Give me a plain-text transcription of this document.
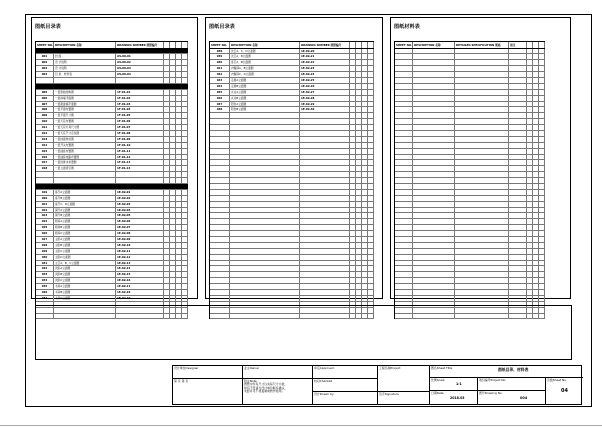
图纸目录表
SHEET NO. DESCRIPTION 名称	DRAWING NUMBER 图纸编号
001	封 面	AS-00-01
002	设 计说明	AS-00-02
003	设 计说明	AS-00-03
004	目 录、材料表	AS-00-04
005	一层原始结构图	1F-01-01
006	一层拆墙平面图	1F-01-02
007	一层新建墙平面图	1F-01-03
008	一层平面布置图	1F-01-04
009	一层平面尺寸图	1F-01-05
010	一层天花布置图	1F-01-06
011	一层天花灯具尺寸图	1F-01-07
012	一层天花尺寸定位图	1F-01-08
013	一层地面材质图	1F-01-09
014	一层开关布置图	1F-01-10
015	一层插座布置图	1F-01-11
016	一层插座电路布置图	1F-01-12
017	一层给排水布置图	1F-01-13
018	一层立面索引图	1F-01-14
019	客厅A立面图	1E-02-01
020	客厅B立面图	1E-02-02
021	客厅C、D立面图	1E-02-03
022	餐厅A立面图	1E-02-04
023	餐厅B立面图	1E-02-05
024	厨房A立面图	1E-02-06
025	厨房B立面图	1E-02-07
026	厨房C立面图	1E-02-08
027	主卧A立面图	1E-02-09
028	主卧B立面图	1E-02-10
029	主卧C立面图	1E-02-11
030	主卧D立面图	1E-02-12
031	主卫A、B、C立面图	1E-02-13
032	次卧A立面图	1E-02-14
033	次卧B立面图	1E-02-15
034	次卧C立面图	1E-02-16
035	书房A立面图	1E-02-17
036	书房B立面图	1E-02-18
037	书房C立面图	1E-02-19
图纸目录表
SHEET NO.	DESCRIPTION 名称	DRAWING NUMBER 图纸编号
038	次卫A、C、D立面图	1E-02-20
039	次卫A、B立面图	1E-02-21
040	客卫A、B立面图	1E-02-22
041	衣帽间A、B立面图	1E-02-23
042	衣帽间C、D立面图	1E-02-24
043	走廊A立面图	1E-02-25
044	走廊B立面图	1E-02-26
045	玄关A立面图	1E-02-27
046	玄关B立面图	1E-02-28
047	阳台A立面图	1E-02-29
048	阳台B立面图	1E-02-30
图纸材料表
SHEET NO. DESCRIPTION 名称	DETAILED SPECIFICATION 规格	备注
设计单位Designer
第 页 第 页
业主Owner
附注Note
图纸中所有尺寸以实际尺寸为准，
如有不符请与设计单位联系确认，
未经许可不得复制或转作他用。
审定Approved
校对Checked
设计Drawn by
工程名称Project
签字Signature
图名Sheet Title	图纸目录、材料表
比例Scale
1:1
日期Date
2018.03
项目编号Project No.
图号Drawing No.
004
页数Sheet No.
04
